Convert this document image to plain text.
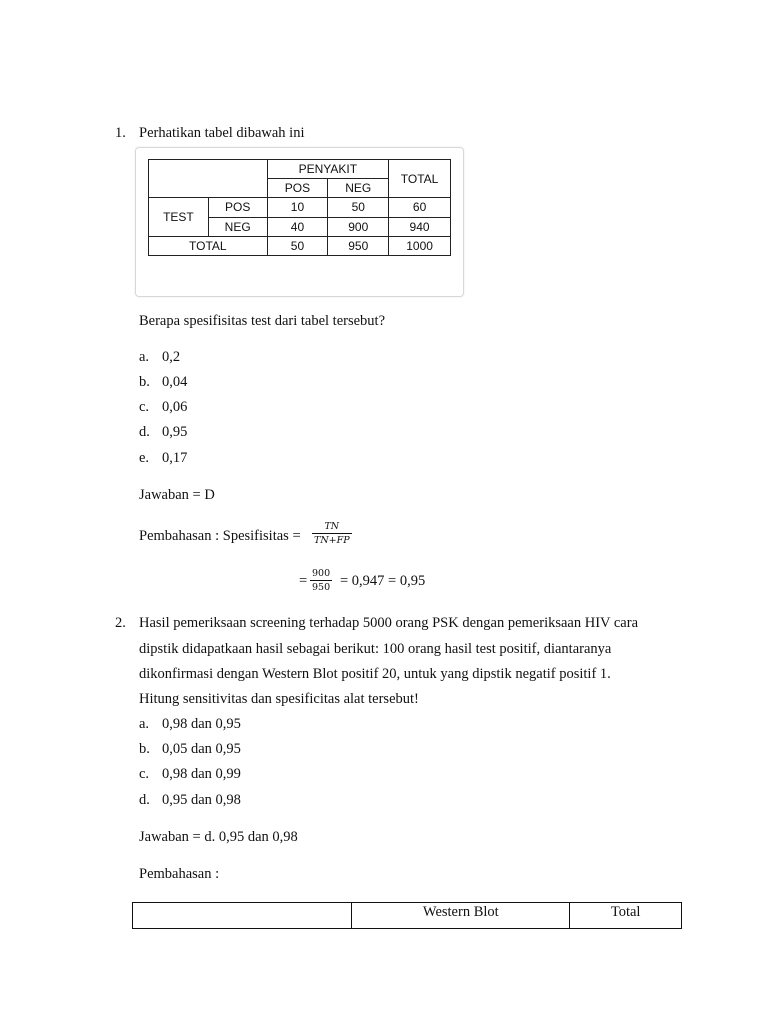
1. Perhatikan tabel dibawah ini
		PENYAKIT		TOTAL
		POS	NEG	
TEST	POS	10	50	60
	NEG	40	900	940
TOTAL		50	950	1000
Berapa spesifisitas test dari tabel tersebut?
a. 0,2
b. 0,04
c. 0,06
d. 0,95
e. 0,17
Jawaban = D
Pembahasan : Spesifisitas = $\frac{TN}{TN+FP}$
= $\frac{900}{950} = 0,947 = 0,95$
2. Hasil pemeriksaan screening terhadap 5000 orang PSK dengan pemeriksaan HIV cara
dipstik didapatkaan hasil sebagai berikut: 100 orang hasil test positif, diantaranya
dikonfirmasi dengan Western Blot positif 20, untuk yang dipstik negatif positif 1.
Hitung sensitivitas dan spesificitas alat tersebut!
a. 0,98 dan 0,95
b. 0,05 dan 0,95
c. 0,98 dan 0,99
d. 0,95 dan 0,98
Jawaban = d. 0,95 dan 0,98
Pembahasan :
	Western Blot	Total
